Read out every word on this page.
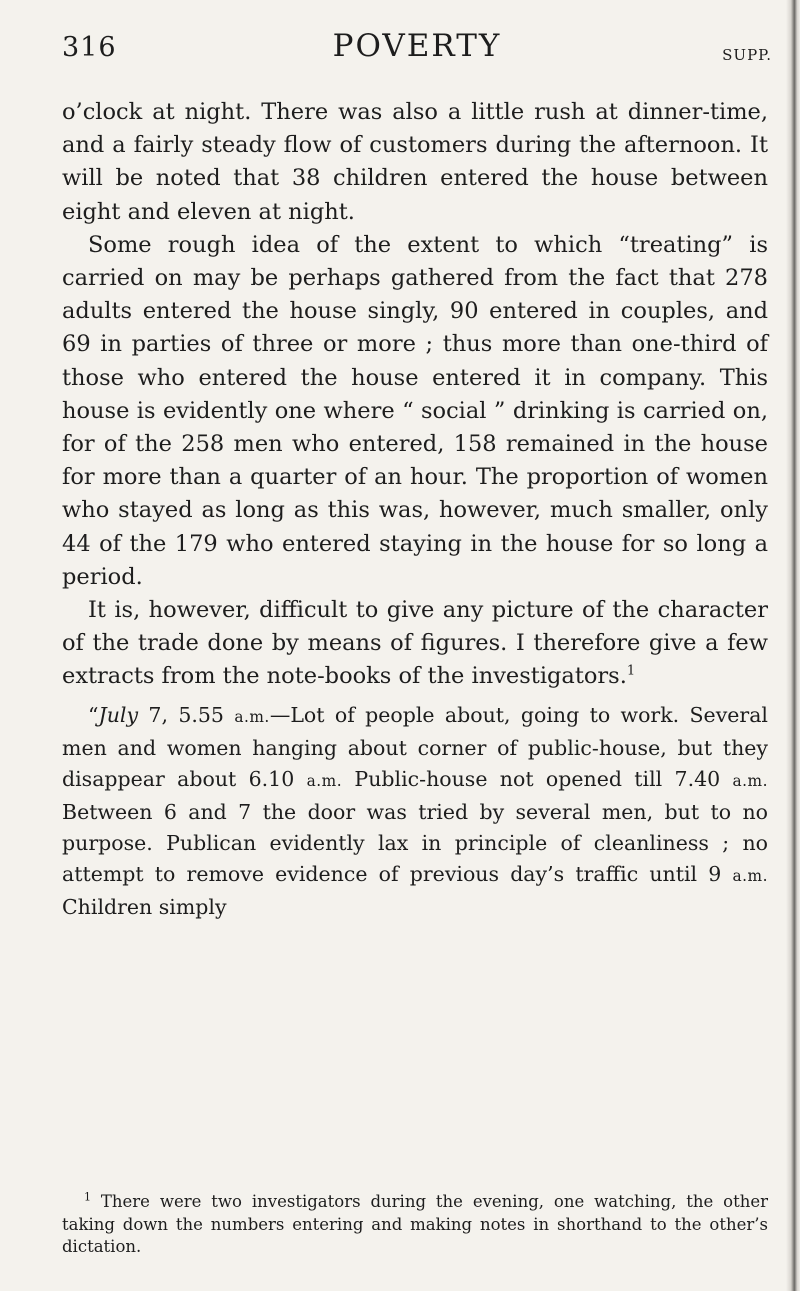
316	POVERTY	SUPP.

o’clock at night. There was also a little rush at dinner-time, and a fairly steady flow of customers during the afternoon. It will be noted that 38 children entered the house between eight and eleven at night.

Some rough idea of the extent to which “treating” is carried on may be perhaps gathered from the fact that 278 adults entered the house singly, 90 entered in couples, and 69 in parties of three or more ; thus more than one-third of those who entered the house entered it in company. This house is evidently one where “ social ” drinking is carried on, for of the 258 men who entered, 158 remained in the house for more than a quarter of an hour. The proportion of women who stayed as long as this was, however, much smaller, only 44 of the 179 who entered staying in the house for so long a period.

It is, however, difficult to give any picture of the character of the trade done by means of figures. I therefore give a few extracts from the note-books of the investigators.$^1$

“July 7, 5.55 a.m.—Lot of people about, going to work. Several men and women hanging about corner of public-house, but they disappear about 6.10 a.m. Public-house not opened till 7.40 a.m. Between 6 and 7 the door was tried by several men, but to no purpose. Publican evidently lax in principle of cleanliness ; no attempt to remove evidence of previous day’s traffic until 9 a.m. Children simply

$^1$ There were two investigators during the evening, one watching, the other taking down the numbers entering and making notes in shorthand to the other’s dictation.
